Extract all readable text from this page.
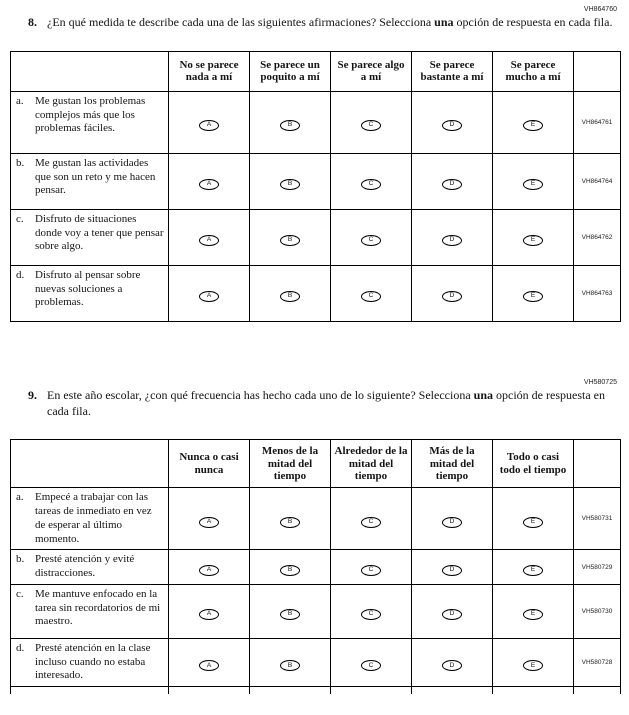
VH864760
8. ¿En qué medida te describe cada una de las siguientes afirmaciones? Selecciona una opción de respuesta en cada fila.
	No se parece nada a mí	Se parece un poquito a mí	Se parece algo a mí	Se parece bastante a mí	Se parece mucho a mí	

a. Me gustan los problemas complejos más que los problemas fáciles.	A	B	C	D	E	VH864761

b. Me gustan las actividades que son un reto y me hacen pensar.	A	B	C	D	E	VH864764

c. Disfruto de situaciones donde voy a tener que pensar sobre algo.	A	B	C	D	E	VH864762

d. Disfruto al pensar sobre nuevas soluciones a problemas.	A	B	C	D	E	VH864763
VH580725
9. En este año escolar, ¿con qué frecuencia has hecho cada uno de lo siguiente? Selecciona una opción de respuesta en cada fila.
	Nunca o casi nunca	Menos de la mitad del tiempo	Alrededor de la mitad del tiempo	Más de la mitad del tiempo	Todo o casi todo el tiempo	

a. Empecé a trabajar con las tareas de inmediato en vez de esperar al último momento.	A	B	C	D	E	VH580731

b. Presté atención y evité distracciones.	A	B	C	D	E	VH580729

c. Me mantuve enfocado en la tarea sin recordatorios de mi maestro.	A	B	C	D	E	VH580730

d. Presté atención en la clase incluso cuando no estaba interesado.	A	B	C	D	E	VH580728
